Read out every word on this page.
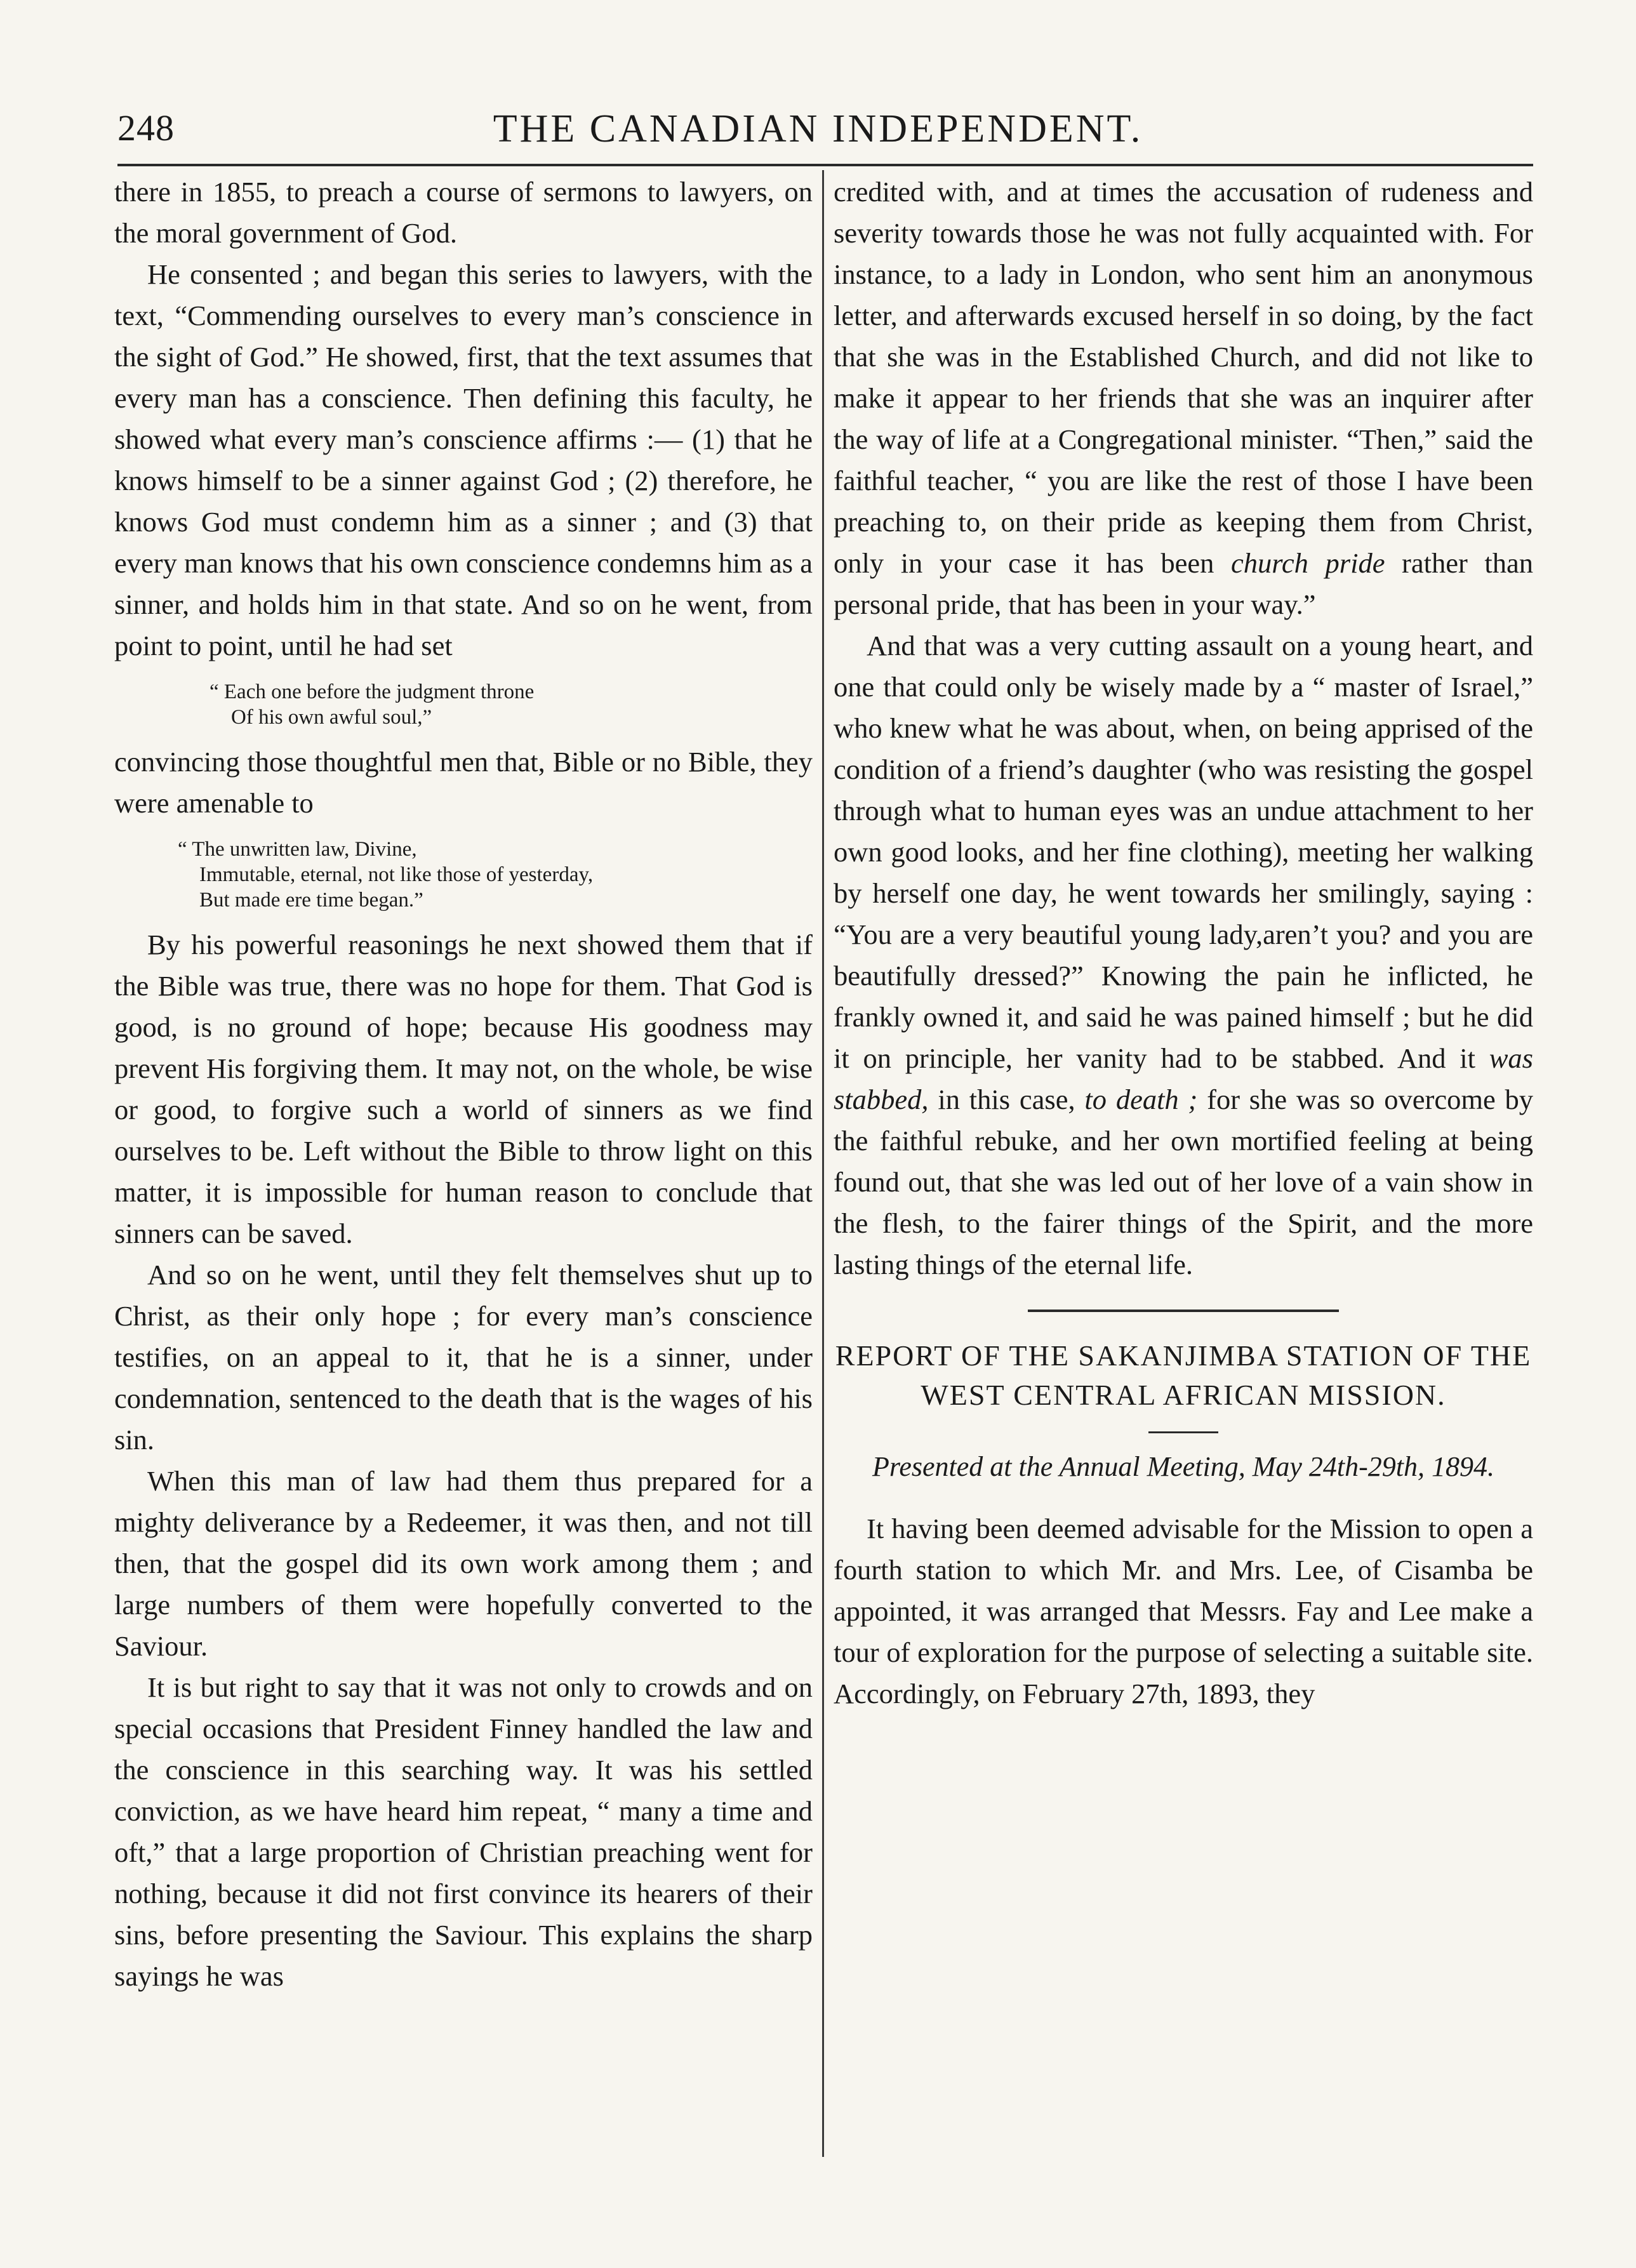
248	THE CANADIAN INDEPENDENT.

there in 1855, to preach a course of sermons to lawyers, on the moral government of God.

He consented ; and began this series to lawyers, with the text, “Commending ourselves to every man’s conscience in the sight of God.” He showed, first, that the text assumes that every man has a conscience. Then defining this faculty, he showed what every man’s conscience affirms :— (1) that he knows himself to be a sinner against God ; (2) therefore, he knows God must condemn him as a sinner ; and (3) that every man knows that his own conscience condemns him as a sinner, and holds him in that state. And so on he went, from point to point, until he had set

“ Each one before the judgment throne
Of his own awful soul,”

convincing those thoughtful men that, Bible or no Bible, they were amenable to

“ The unwritten law, Divine,
Immutable, eternal, not like those of yesterday,
But made ere time began.”

By his powerful reasonings he next showed them that if the Bible was true, there was no hope for them. That God is good, is no ground of hope; because His goodness may prevent His forgiving them. It may not, on the whole, be wise or good, to forgive such a world of sinners as we find ourselves to be. Left without the Bible to throw light on this matter, it is impossible for human reason to conclude that sinners can be saved.

And so on he went, until they felt themselves shut up to Christ, as their only hope ; for every man’s conscience testifies, on an appeal to it, that he is a sinner, under condemnation, sentenced to the death that is the wages of his sin.

When this man of law had them thus prepared for a mighty deliverance by a Redeemer, it was then, and not till then, that the gospel did its own work among them ; and large numbers of them were hopefully converted to the Saviour.

It is but right to say that it was not only to crowds and on special occasions that President Finney handled the law and the conscience in this searching way. It was his settled conviction, as we have heard him repeat, “ many a time and oft,” that a large proportion of Christian preaching went for nothing, because it did not first convince its hearers of their sins, before presenting the Saviour. This explains the sharp sayings he was

credited with, and at times the accusation of rudeness and severity towards those he was not fully acquainted with. For instance, to a lady in London, who sent him an anonymous letter, and afterwards excused herself in so doing, by the fact that she was in the Established Church, and did not like to make it appear to her friends that she was an inquirer after the way of life at a Congregational minister. “Then,” said the faithful teacher, “ you are like the rest of those I have been preaching to, on their pride as keeping them from Christ, only in your case it has been church pride rather than personal pride, that has been in your way.”

And that was a very cutting assault on a young heart, and one that could only be wisely made by a “ master of Israel,” who knew what he was about, when, on being apprised of the condition of a friend’s daughter (who was resisting the gospel through what to human eyes was an undue attachment to her own good looks, and her fine clothing), meeting her walking by herself one day, he went towards her smilingly, saying : “You are a very beautiful young lady,aren’t you? and you are beautifully dressed?” Knowing the pain he inflicted, he frankly owned it, and said he was pained himself ; but he did it on principle, her vanity had to be stabbed. And it was stabbed, in this case, to death ; for she was so overcome by the faithful rebuke, and her own mortified feeling at being found out, that she was led out of her love of a vain show in the flesh, to the fairer things of the Spirit, and the more lasting things of the eternal life.

REPORT OF THE SAKANJIMBA STATION OF THE WEST CENTRAL AFRICAN MISSION.

Presented at the Annual Meeting, May 24th-29th, 1894.

It having been deemed advisable for the Mission to open a fourth station to which Mr. and Mrs. Lee, of Cisamba be appointed, it was arranged that Messrs. Fay and Lee make a tour of exploration for the purpose of selecting a suitable site. Accordingly, on February 27th, 1893, they
